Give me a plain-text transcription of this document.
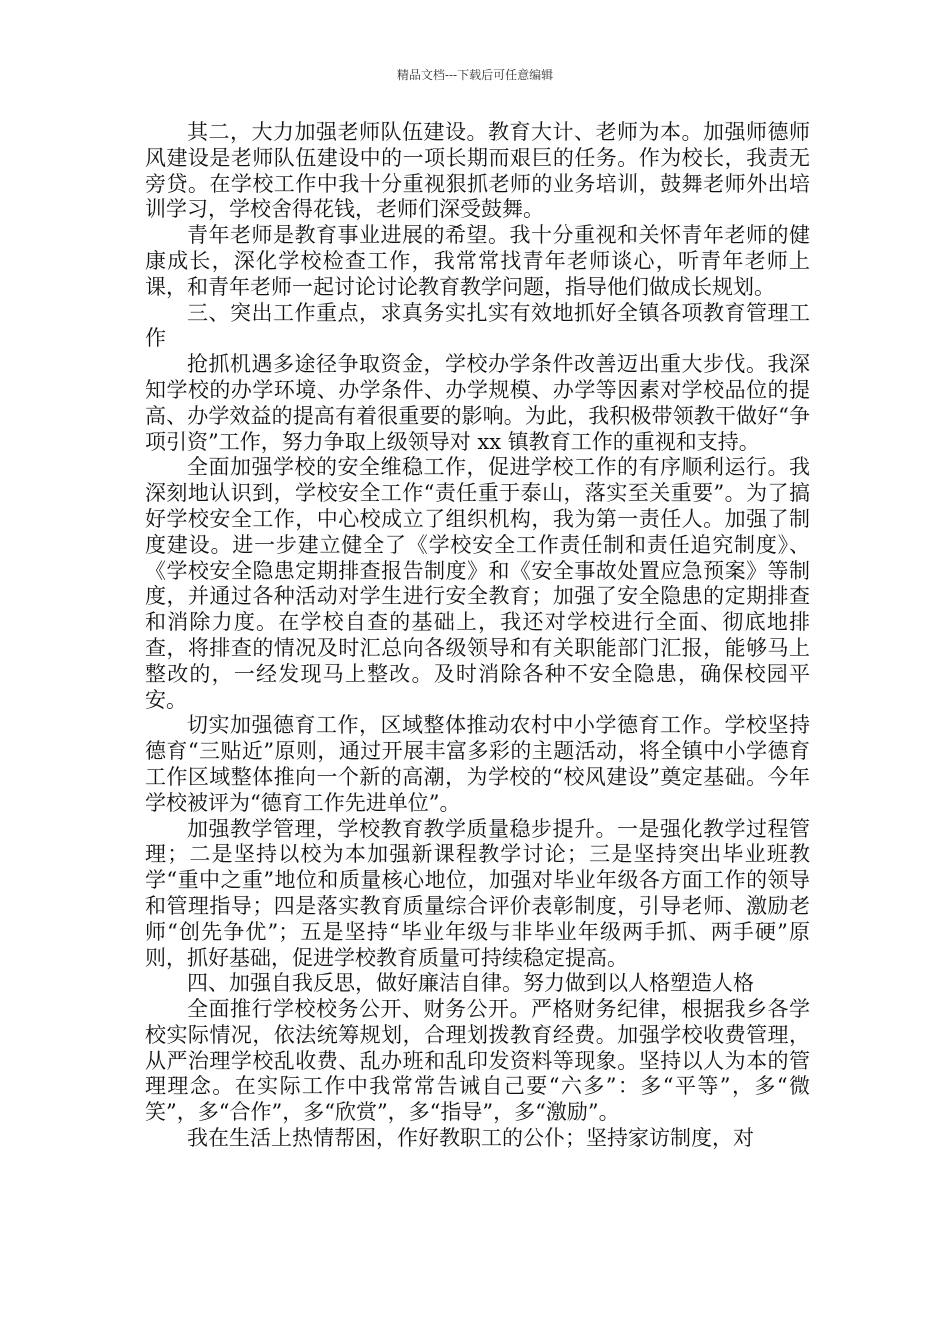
精品文档---下载后可任意编辑

其二，大力加强老师队伍建设。教育大计、老师为本。加强师德师风建设是老师队伍建设中的一项长期而艰巨的任务。作为校长，我责无旁贷。在学校工作中我十分重视狠抓老师的业务培训，鼓舞老师外出培训学习，学校舍得花钱，老师们深受鼓舞。

青年老师是教育事业进展的希望。我十分重视和关怀青年老师的健康成长，深化学校检查工作，我常常找青年老师谈心，听青年老师上课，和青年老师一起讨论讨论教育教学问题，指导他们做成长规划。

三、突出工作重点，求真务实扎实有效地抓好全镇各项教育管理工作

抢抓机遇多途径争取资金，学校办学条件改善迈出重大步伐。我深知学校的办学环境、办学条件、办学规模、办学等因素对学校品位的提高、办学效益的提高有着很重要的影响。为此，我积极带领教干做好“争项引资”工作，努力争取上级领导对 xx 镇教育工作的重视和支持。

全面加强学校的安全维稳工作，促进学校工作的有序顺利运行。我深刻地认识到，学校安全工作“责任重于泰山，落实至关重要”。为了搞好学校安全工作，中心校成立了组织机构，我为第一责任人。加强了制度建设。进一步建立健全了《学校安全工作责任制和责任追究制度》、《学校安全隐患定期排查报告制度》和《安全事故处置应急预案》等制度，并通过各种活动对学生进行安全教育；加强了安全隐患的定期排查和消除力度。在学校自查的基础上，我还对学校进行全面、彻底地排查，将排查的情况及时汇总向各级领导和有关职能部门汇报，能够马上整改的，一经发现马上整改。及时消除各种不安全隐患，确保校园平安。

切实加强德育工作，区域整体推动农村中小学德育工作。学校坚持德育“三贴近”原则，通过开展丰富多彩的主题活动，将全镇中小学德育工作区域整体推向一个新的高潮，为学校的“校风建设”奠定基础。今年学校被评为“德育工作先进单位”。

加强教学管理，学校教育教学质量稳步提升。一是强化教学过程管理；二是坚持以校为本加强新课程教学讨论；三是坚持突出毕业班教学“重中之重”地位和质量核心地位，加强对毕业年级各方面工作的领导和管理指导；四是落实教育质量综合评价表彰制度，引导老师、激励老师“创先争优”；五是坚持“毕业年级与非毕业年级两手抓、两手硬”原则，抓好基础，促进学校教育质量可持续稳定提高。

四、加强自我反思，做好廉洁自律。努力做到以人格塑造人格

全面推行学校校务公开、财务公开。严格财务纪律，根据我乡各学校实际情况，依法统筹规划，合理划拨教育经费。加强学校收费管理，从严治理学校乱收费、乱办班和乱印发资料等现象。坚持以人为本的管理理念。在实际工作中我常常告诫自己要“六多”：多“平等”，多“微笑”，多“合作”，多“欣赏”，多“指导”，多“激励”。

我在生活上热情帮困，作好教职工的公仆；坚持家访制度，对
